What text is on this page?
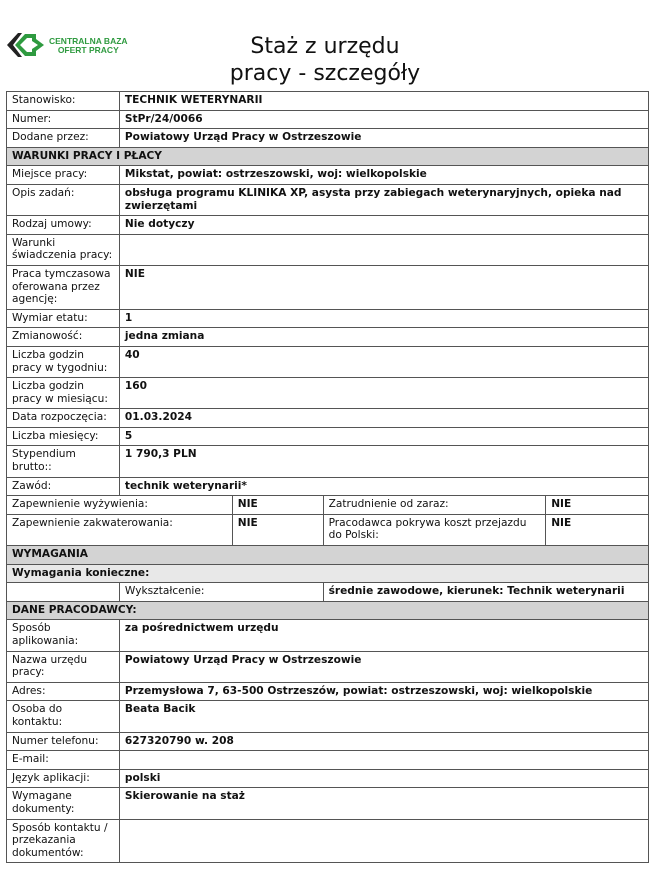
CENTRALNA BAZA
OFERT PRACY	Staż z urzędu
pracy - szczegóły
Stanowisko:	TECHNIK WETERYNARII			
Numer:	StPr/24/0066			
Dodane przez:	Powiatowy Urząd Pracy w Ostrzeszowie			
WARUNKI PRACY I PŁACY				
Miejsce pracy:	Mikstat, powiat: ostrzeszowski, woj: wielkopolskie			
Opis zadań:	obsługa programu KLINIKA XP, asysta przy zabiegach weterynaryjnych, opieka nad zwierzętami			
Rodzaj umowy:	Nie dotyczy			
Warunki świadczenia pracy:				
Praca tymczasowa oferowana przez agencję:	NIE			
Wymiar etatu:	1			
Zmianowość:	jedna zmiana			
Liczba godzin pracy w tygodniu:	40			
Liczba godzin pracy w miesiącu:	160			
Data rozpoczęcia:	01.03.2024			
Liczba miesięcy:	5			
Stypendium brutto::	1 790,3 PLN			
Zawód:	technik weterynarii*			
Zapewnienie wyżywienia:		NIE	Zatrudnienie od zaraz:	NIE
Zapewnienie zakwaterowania:		NIE	Pracodawca pokrywa koszt przejazdu do Polski:	NIE
WYMAGANIA				
Wymagania konieczne:				
	Wykształcenie:		średnie zawodowe, kierunek: Technik weterynarii	
DANE PRACODAWCY:				
Sposób aplikowania:	za pośrednictwem urzędu			
Nazwa urzędu pracy:	Powiatowy Urząd Pracy w Ostrzeszowie			
Adres:	Przemysłowa 7, 63-500 Ostrzeszów, powiat: ostrzeszowski, woj: wielkopolskie			
Osoba do kontaktu:	Beata Bacik			
Numer telefonu:	627320790 w. 208			
E-mail:				
Język aplikacji:	polski			
Wymagane dokumenty:	Skierowanie na staż			
Sposób kontaktu / przekazania dokumentów:				
